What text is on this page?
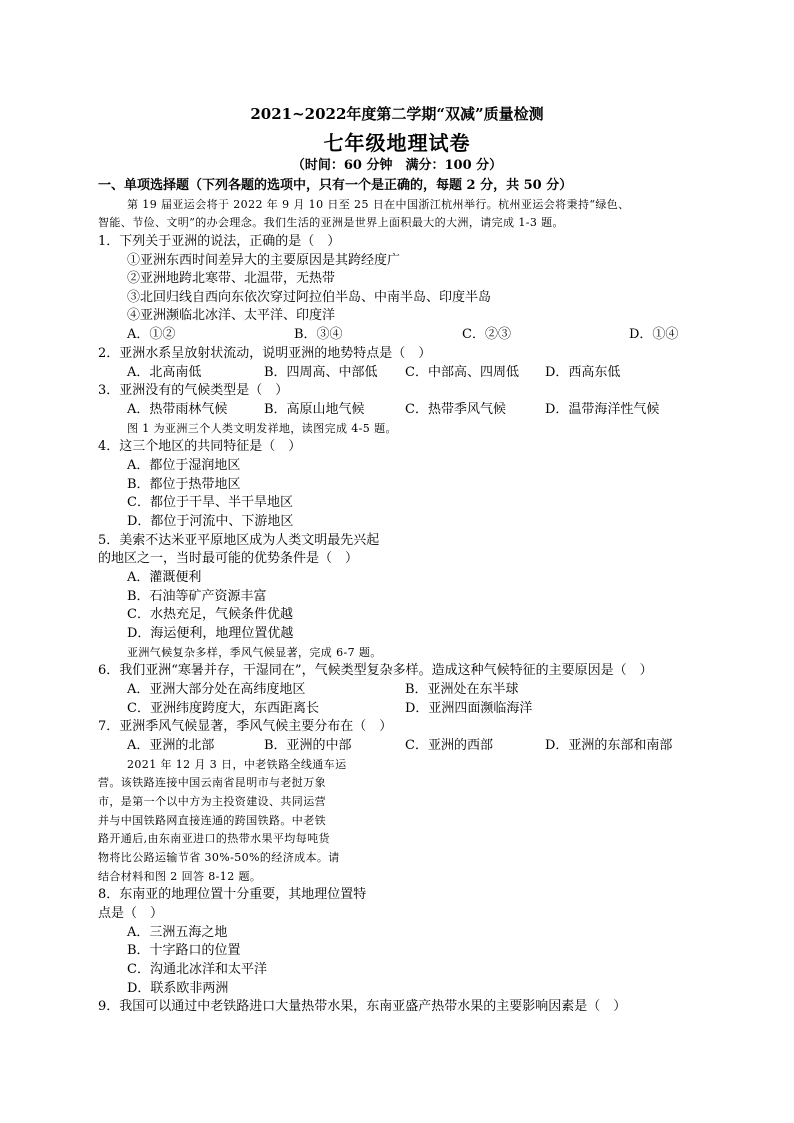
2021~2022年度第二学期“双减”质量检测
七年级地理试卷
（时间：60 分钟　满分：100 分）
一、单项选择题（下列各题的选项中，只有一个是正确的，每题 2 分，共 50 分）
第 19 届亚运会将于 2022 年 9 月 10 日至 25 日在中国浙江杭州举行。杭州亚运会将秉持“绿色、
智能、节俭、文明”的办会理念。我们生活的亚洲是世界上面积最大的大洲，请完成 1-3 题。
1．下列关于亚洲的说法，正确的是（　）
①亚洲东西时间差异大的主要原因是其跨经度广
②亚洲地跨北寒带、北温带，无热带
③北回归线自西向东依次穿过阿拉伯半岛、中南半岛、印度半岛
④亚洲濒临北冰洋、太平洋、印度洋
A．①②	B．③④	C．②③	D．①④
2．亚洲水系呈放射状流动，说明亚洲的地势特点是（　）
A．北高南低	B．四周高、中部低 C．中部高、四周低 D．西高东低
3．亚洲没有的气候类型是（　）
A．热带雨林气候	B．高原山地气候	C．热带季风气候	D．温带海洋性气候
图 1 为亚洲三个人类文明发祥地，读图完成 4-5 题。
4．这三个地区的共同特征是（　）
A．都位于湿润地区
B．都位于热带地区
C．都位于干旱、半干旱地区
D．都位于河流中、下游地区
5．美索不达米亚平原地区成为人类文明最先兴起
的地区之一，当时最可能的优势条件是（　）
A．灌溉便利
B．石油等矿产资源丰富
C．水热充足，气候条件优越
D．海运便利，地理位置优越
亚洲气候复杂多样，季风气候显著，完成 6-7 题。
6．我们亚洲“寒暑并存，干湿同在”，气候类型复杂多样。造成这种气候特征的主要原因是（　）
A．亚洲大部分处在高纬度地区	B．亚洲处在东半球
C．亚洲纬度跨度大，东西距离长	D．亚洲四面濒临海洋
7．亚洲季风气候显著，季风气候主要分布在（　）
A．亚洲的北部	B．亚洲的中部	C．亚洲的西部	D．亚洲的东部和南部
2021 年 12 月 3 日，中老铁路全线通车运
营。该铁路连接中国云南省昆明市与老挝万象
市，是第一个以中方为主投资建设、共同运营
并与中国铁路网直接连通的跨国铁路。中老铁
路开通后,由东南亚进口的热带水果平均每吨货
物将比公路运输节省 30%-50%的经济成本。请
结合材料和图 2 回答 8-12 题。
8．东南亚的地理位置十分重要，其地理位置特
点是（　）
A．三洲五海之地
B．十字路口的位置
C．沟通北冰洋和太平洋
D．联系欧非两洲
9．我国可以通过中老铁路进口大量热带水果，东南亚盛产热带水果的主要影响因素是（　）
